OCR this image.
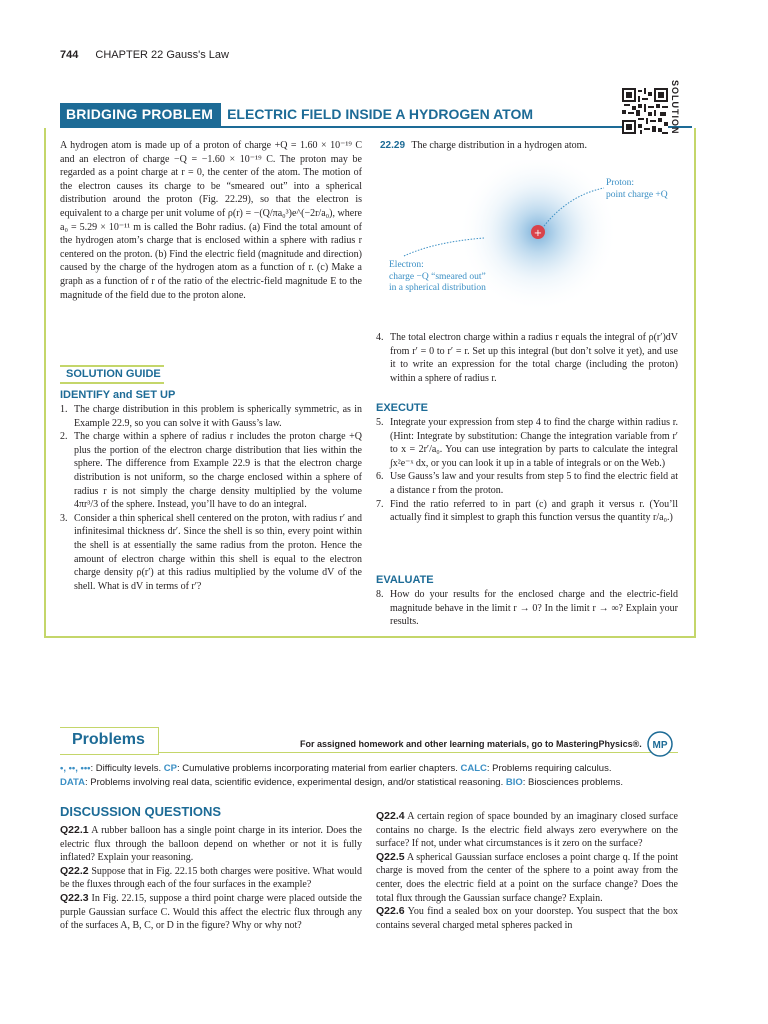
744 CHAPTER 22 Gauss's Law
BRIDGING PROBLEM	ELECTRIC FIELD INSIDE A HYDROGEN ATOM	SOLUTION
A hydrogen atom is made up of a proton of charge +Q = 1.60 × 10⁻¹⁹ C and an electron of charge −Q = −1.60 × 10⁻¹⁹ C. The proton may be regarded as a point charge at r = 0, the center of the atom. The motion of the electron causes its charge to be “smeared out” into a spherical distribution around the proton (Fig. 22.29), so that the electron is equivalent to a charge per unit volume of ρ(r) = −(Q/πa₀³)e^(−2r/a₀), where a₀ = 5.29 × 10⁻¹¹ m is called the Bohr radius. (a) Find the total amount of the hydrogen atom’s charge that is enclosed within a sphere with radius r centered on the proton. (b) Find the electric field (magnitude and direction) caused by the charge of the hydrogen atom as a function of r. (c) Make a graph as a function of r of the ratio of the electric-field magnitude E to the magnitude of the field due to the proton alone.
22.29 The charge distribution in a hydrogen atom.
+
Proton:
point charge +Q
Electron:
charge −Q “smeared out”
in a spherical distribution
SOLUTION GUIDE
IDENTIFY and SET UP
1. The charge distribution in this problem is spherically symmetric, as in Example 22.9, so you can solve it with Gauss’s law.
2. The charge within a sphere of radius r includes the proton charge +Q plus the portion of the electron charge distribution that lies within the sphere. The difference from Example 22.9 is that the electron charge distribution is not uniform, so the charge enclosed within a sphere of radius r is not simply the charge density multiplied by the volume 4πr³/3 of the sphere. Instead, you’ll have to do an integral.
3. Consider a thin spherical shell centered on the proton, with radius r′ and infinitesimal thickness dr′. Since the shell is so thin, every point within the shell is at essentially the same radius from the proton. Hence the amount of electron charge within this shell is equal to the electron charge density ρ(r′) at this radius multiplied by the volume dV of the shell. What is dV in terms of r′?
4. The total electron charge within a radius r equals the integral of ρ(r′)dV from r′ = 0 to r′ = r. Set up this integral (but don’t solve it yet), and use it to write an expression for the total charge (including the proton) within a sphere of radius r.
EXECUTE
5. Integrate your expression from step 4 to find the charge within radius r. (Hint: Integrate by substitution: Change the integration variable from r′ to x = 2r′/a₀. You can use integration by parts to calculate the integral ∫x²e⁻ˣ dx, or you can look it up in a table of integrals or on the Web.)
6. Use Gauss’s law and your results from step 5 to find the electric field at a distance r from the proton.
7. Find the ratio referred to in part (c) and graph it versus r. (You’ll actually find it simplest to graph this function versus the quantity r/a₀.)
EVALUATE
8. How do your results for the enclosed charge and the electric-field magnitude behave in the limit r → 0? In the limit r → ∞? Explain your results.
Problems	For assigned homework and other learning materials, go to MasteringPhysics®. MP
•, ••, •••: Difficulty levels. CP: Cumulative problems incorporating material from earlier chapters. CALC: Problems requiring calculus.
DATA: Problems involving real data, scientific evidence, experimental design, and/or statistical reasoning. BIO: Biosciences problems.
DISCUSSION QUESTIONS
Q22.1 A rubber balloon has a single point charge in its interior. Does the electric flux through the balloon depend on whether or not it is fully inflated? Explain your reasoning.
Q22.2 Suppose that in Fig. 22.15 both charges were positive. What would be the fluxes through each of the four surfaces in the example?
Q22.3 In Fig. 22.15, suppose a third point charge were placed outside the purple Gaussian surface C. Would this affect the electric flux through any of the surfaces A, B, C, or D in the figure? Why or why not?
Q22.4 A certain region of space bounded by an imaginary closed surface contains no charge. Is the electric field always zero everywhere on the surface? If not, under what circumstances is it zero on the surface?
Q22.5 A spherical Gaussian surface encloses a point charge q. If the point charge is moved from the center of the sphere to a point away from the center, does the electric field at a point on the surface change? Does the total flux through the Gaussian surface change? Explain.
Q22.6 You find a sealed box on your doorstep. You suspect that the box contains several charged metal spheres packed in
